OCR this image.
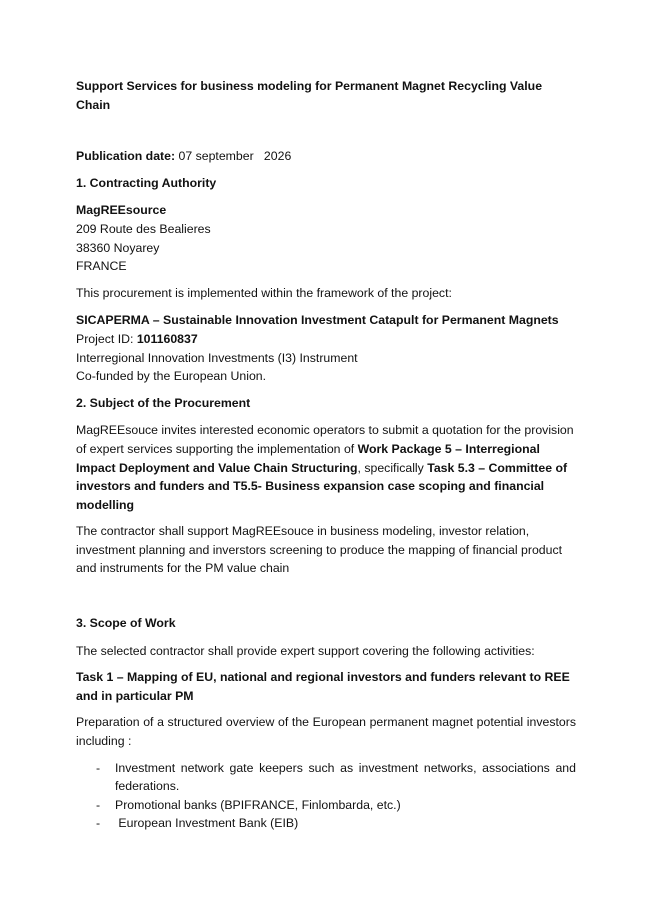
Support Services for business modeling for Permanent Magnet Recycling Value Chain

Publication date: 07 september   2026

1. Contracting Authority

MagREEsource

209 Route des Bealieres

38360 Noyarey

FRANCE

This procurement is implemented within the framework of the project:

SICAPERMA – Sustainable Innovation Investment Catapult for Permanent Magnets

Project ID: 101160837

Interregional Innovation Investments (I3) Instrument

Co-funded by the European Union.

2. Subject of the Procurement

MagREEsouce invites interested economic operators to submit a quotation for the provision of expert services supporting the implementation of Work Package 5 – Interregional Impact Deployment and Value Chain Structuring, specifically Task 5.3 – Committee of investors and funders and T5.5- Business expansion case scoping and financial modelling

The contractor shall support MagREEsouce in business modeling, investor relation, investment planning and inverstors screening to produce the mapping of financial product and instruments for the PM value chain

3. Scope of Work

The selected contractor shall provide expert support covering the following activities:

Task 1 – Mapping of EU, national and regional investors and funders relevant to REE and in particular PM

Preparation of a structured overview of the European permanent magnet potential investors including :

- Investment network gate keepers such as investment networks, associations and federations.
- Promotional banks (BPIFRANCE, Finlombarda, etc.)
- European Investment Bank (EIB)
